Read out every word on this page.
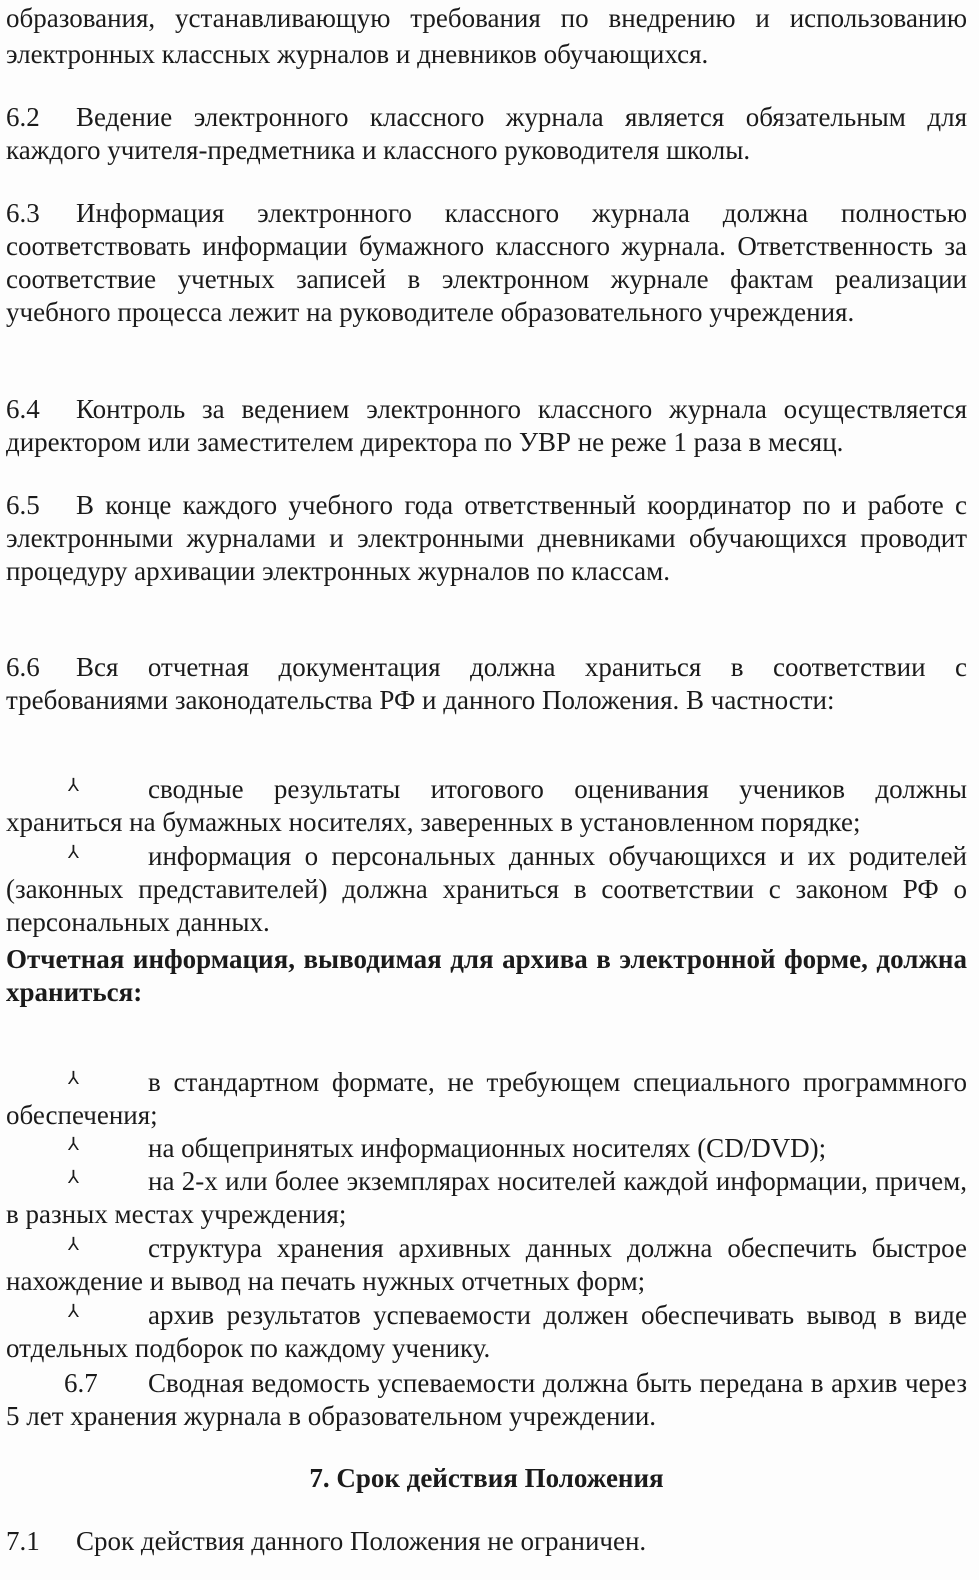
образования, устанавливающую требования по внедрению и использованию

электронных классных журналов и дневников обучающихся.

6.2 Ведение электронного классного журнала является обязательным для каждого учителя-предметника и классного руководителя школы.

6.3 Информация электронного классного журнала должна полностью соответствовать информации бумажного классного журнала. Ответственность за соответствие учетных записей в электронном журнале фактам реализации учебного процесса лежит на руководителе образовательного учреждения.

6.4 Контроль за ведением электронного классного журнала осуществляется директором или заместителем директора по УВР не реже 1 раза в месяц.

6.5 В конце каждого учебного года ответственный координатор по и работе с электронными журналами и электронными дневниками обучающихся проводит процедуру архивации электронных журналов по классам.

6.6 Вся отчетная документация должна храниться в соответствии с требованиями законодательства РФ и данного Положения. В частности:

⅄	сводные результаты итогового оценивания учеников должны храниться на бумажных носителях, заверенных в установленном порядке;

⅄	информация о персональных данных обучающихся и их родителей (законных представителей) должна храниться в соответствии с законом РФ о персональных данных.

Отчетная информация, выводимая для архива в электронной форме, должна храниться:

⅄	в стандартном формате, не требующем специального программного обеспечения;

⅄	на общепринятых информационных носителях (CD/DVD);

⅄	на 2-х или более экземплярах носителей каждой информации, причем, в разных местах учреждения;

⅄	структура хранения архивных данных должна обеспечить быстрое нахождение и вывод на печать нужных отчетных форм;

⅄	архив результатов успеваемости должен обеспечивать вывод в виде отдельных подборок по каждому ученику.

6.7 Сводная ведомость успеваемости должна быть передана в архив через 5 лет хранения журнала в образовательном учреждении.

7. Срок действия Положения

7.1 Срок действия данного Положения не ограничен.
